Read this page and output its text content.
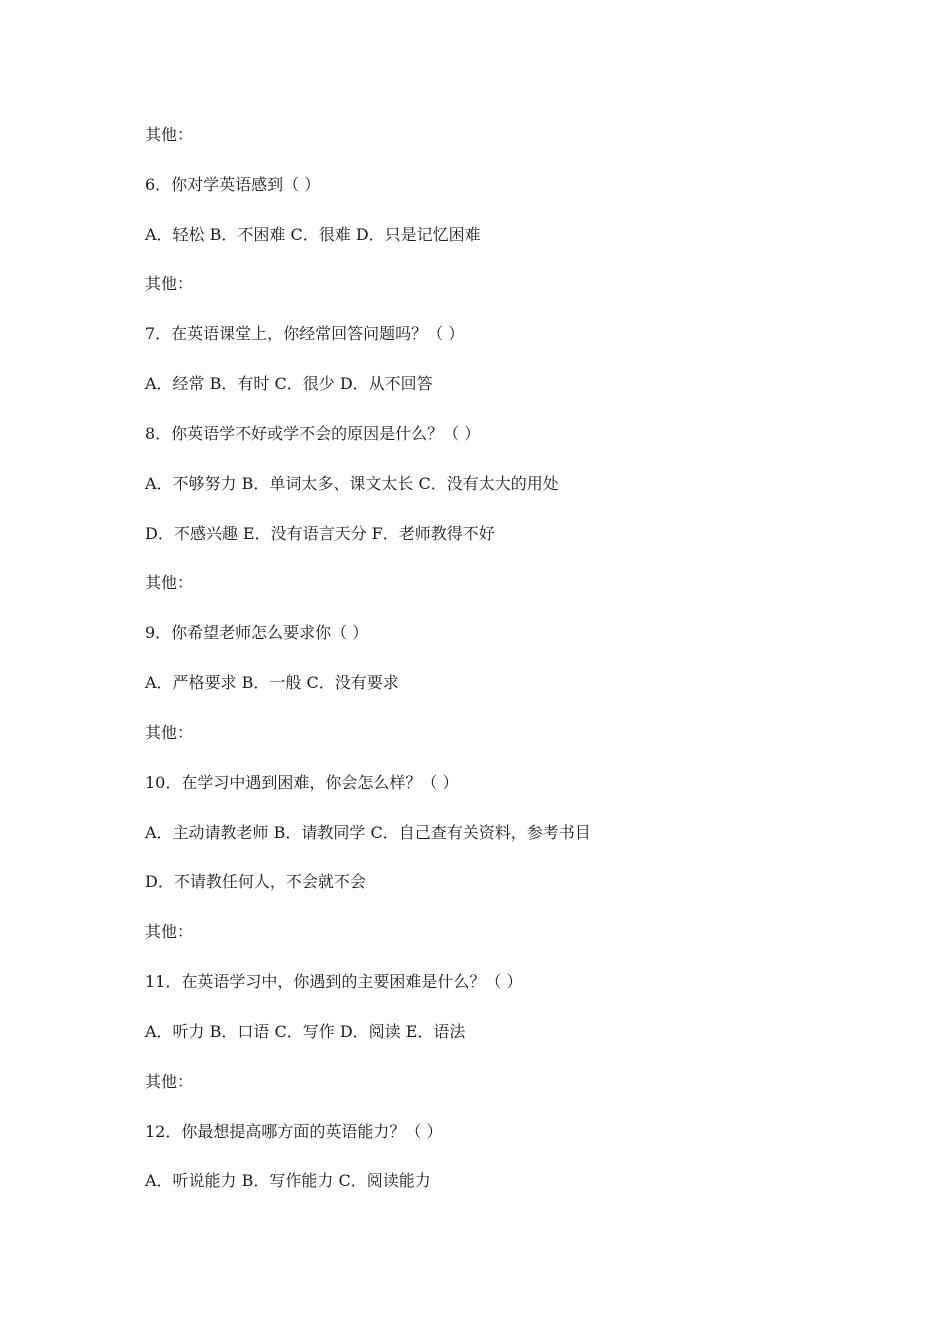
其他：
6．你对学英语感到（ ）
A．轻松 B．不困难 C．很难 D．只是记忆困难
其他：
7．在英语课堂上，你经常回答问题吗？（ ）
A．经常 B．有时 C．很少 D．从不回答
8．你英语学不好或学不会的原因是什么？（ ）
A．不够努力 B．单词太多、课文太长 C．没有太大的用处
D．不感兴趣 E．没有语言天分 F．老师教得不好
其他：
9．你希望老师怎么要求你（ ）
A．严格要求 B．一般 C．没有要求
其他：
10．在学习中遇到困难，你会怎么样？（ ）
A．主动请教老师 B．请教同学 C．自己查有关资料，参考书目
D．不请教任何人，不会就不会
其他：
11．在英语学习中，你遇到的主要困难是什么？（ ）
A．听力 B．口语 C．写作 D．阅读 E．语法
其他：
12．你最想提高哪方面的英语能力？（ ）
A．听说能力 B．写作能力 C．阅读能力
